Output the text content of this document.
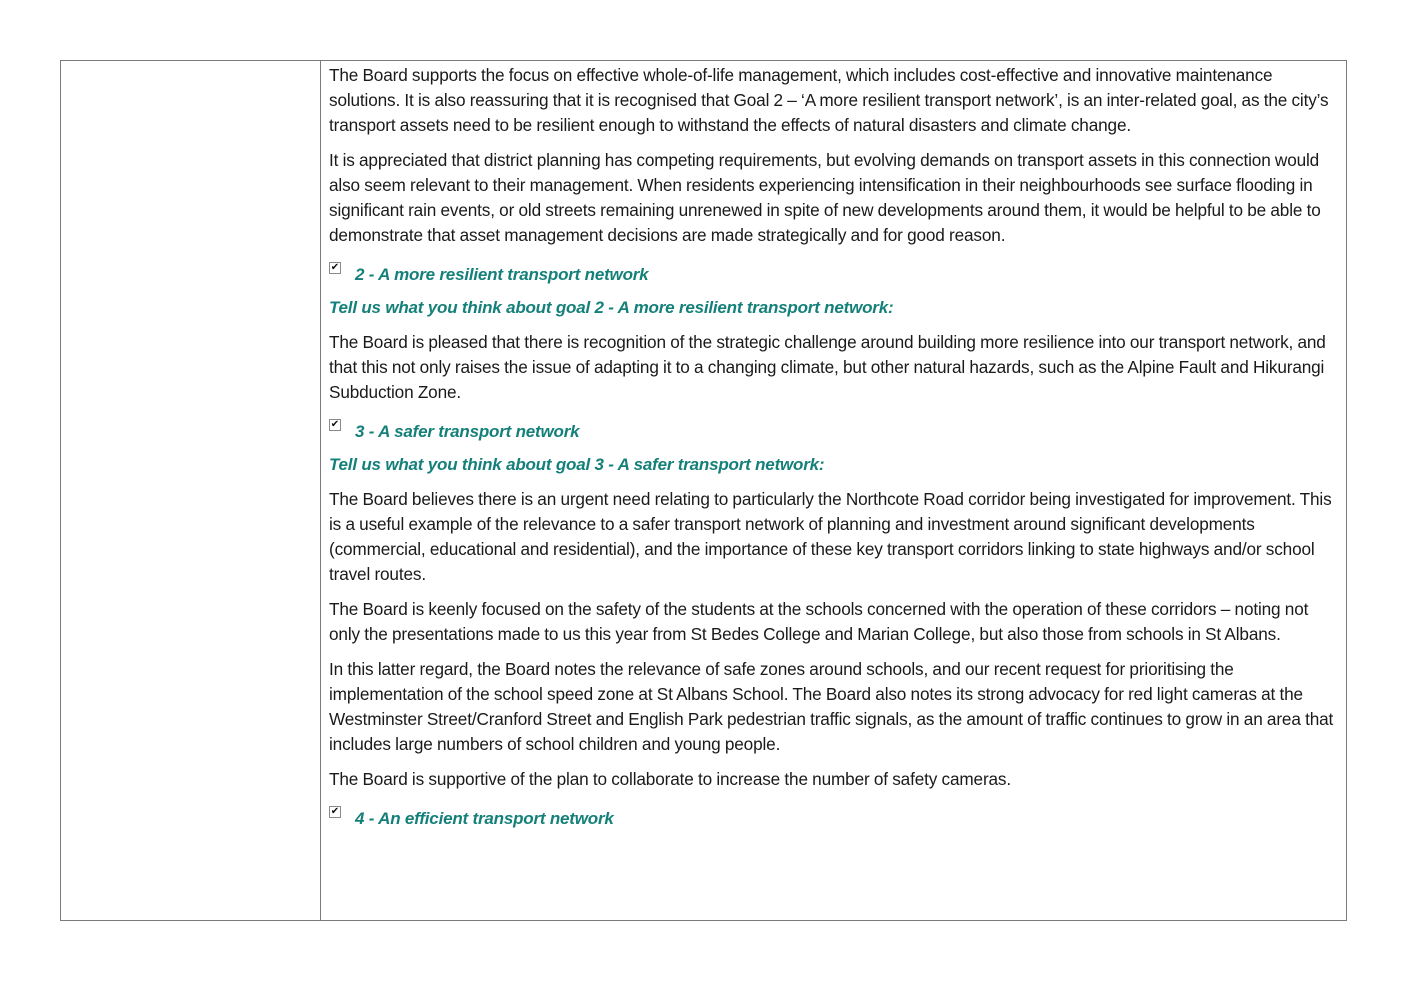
The Board supports the focus on effective whole-of-life management, which includes cost-effective and innovative maintenance solutions. It is also reassuring that it is recognised that Goal 2 – ‘A more resilient transport network’, is an inter-related goal, as the city’s transport assets need to be resilient enough to withstand the effects of natural disasters and climate change.

It is appreciated that district planning has competing requirements, but evolving demands on transport assets in this connection would also seem relevant to their management. When residents experiencing intensification in their neighbourhoods see surface flooding in significant rain events, or old streets remaining unrenewed in spite of new developments around them, it would be helpful to be able to demonstrate that asset management decisions are made strategically and for good reason.

✔ 2 - A more resilient transport network
Tell us what you think about goal 2 - A more resilient transport network:

The Board is pleased that there is recognition of the strategic challenge around building more resilience into our transport network, and that this not only raises the issue of adapting it to a changing climate, but other natural hazards, such as the Alpine Fault and Hikurangi Subduction Zone.

✔ 3 - A safer transport network
Tell us what you think about goal 3 - A safer transport network:

The Board believes there is an urgent need relating to particularly the Northcote Road corridor being investigated for improvement. This is a useful example of the relevance to a safer transport network of planning and investment around significant developments (commercial, educational and residential), and the importance of these key transport corridors linking to state highways and/or school travel routes.

The Board is keenly focused on the safety of the students at the schools concerned with the operation of these corridors – noting not only the presentations made to us this year from St Bedes College and Marian College, but also those from schools in St Albans.

In this latter regard, the Board notes the relevance of safe zones around schools, and our recent request for prioritising the implementation of the school speed zone at St Albans School. The Board also notes its strong advocacy for red light cameras at the Westminster Street/Cranford Street and English Park pedestrian traffic signals, as the amount of traffic continues to grow in an area that includes large numbers of school children and young people.

The Board is supportive of the plan to collaborate to increase the number of safety cameras.

✔ 4 - An efficient transport network
